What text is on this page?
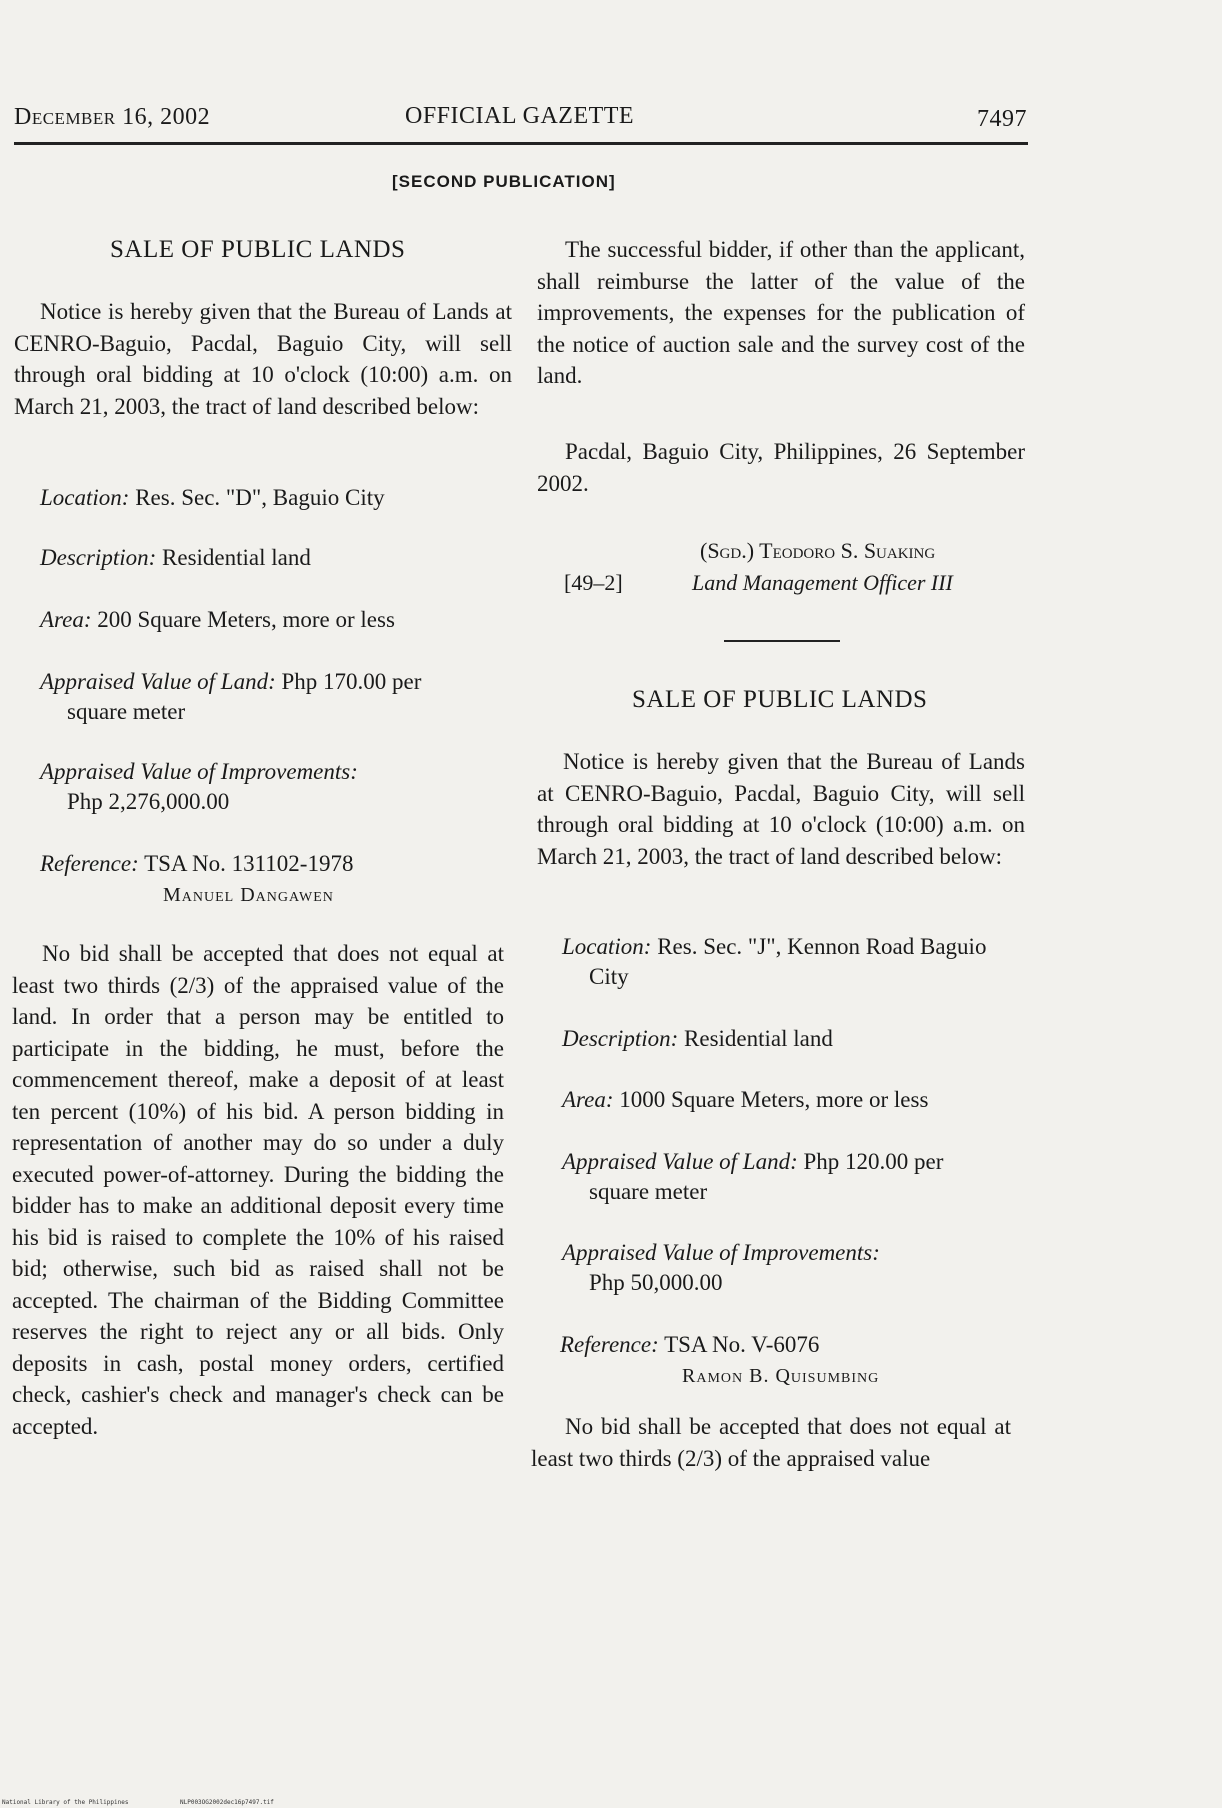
December 16, 2002	OFFICIAL GAZETTE	7497
[SECOND PUBLICATION]
SALE OF PUBLIC LANDS
Notice is hereby given that the Bureau of Lands at CENRO-Baguio, Pacdal, Baguio City, will sell through oral bidding at 10 o'clock (10:00) a.m. on March 21, 2003, the tract of land described below:
Location: Res. Sec. "D", Baguio City
Description: Residential land
Area: 200 Square Meters, more or less
Appraised Value of Land: Php 170.00 per
square meter
Appraised Value of Improvements:
Php 2,276,000.00
Reference: TSA No. 131102-1978
Manuel Dangawen
No bid shall be accepted that does not equal at least two thirds (2/3) of the appraised value of the land. In order that a person may be entitled to participate in the bidding, he must, before the commencement thereof, make a deposit of at least ten percent (10%) of his bid. A person bidding in representation of another may do so under a duly executed power-of-attorney. During the bidding the bidder has to make an additional deposit every time his bid is raised to complete the 10% of his raised bid; otherwise, such bid as raised shall not be accepted. The chairman of the Bidding Committee reserves the right to reject any or all bids. Only deposits in cash, postal money orders, certified check, cashier's check and manager's check can be accepted.
The successful bidder, if other than the applicant, shall reimburse the latter of the value of the improvements, the expenses for the publication of the notice of auction sale and the survey cost of the land.
Pacdal, Baguio City, Philippines, 26 September 2002.
(Sgd.) Teodoro S. Suaking
[49–2]	Land Management Officer III
SALE OF PUBLIC LANDS
Notice is hereby given that the Bureau of Lands at CENRO-Baguio, Pacdal, Baguio City, will sell through oral bidding at 10 o'clock (10:00) a.m. on March 21, 2003, the tract of land described below:
Location: Res. Sec. "J", Kennon Road Baguio
City
Description: Residential land
Area: 1000 Square Meters, more or less
Appraised Value of Land: Php 120.00 per
square meter
Appraised Value of Improvements:
Php 50,000.00
Reference: TSA No. V-6076
Ramon B. Quisumbing
No bid shall be accepted that does not equal at least two thirds (2/3) of the appraised value
National Library of the Philippines	NLP003OG2002dec16p7497.tif
